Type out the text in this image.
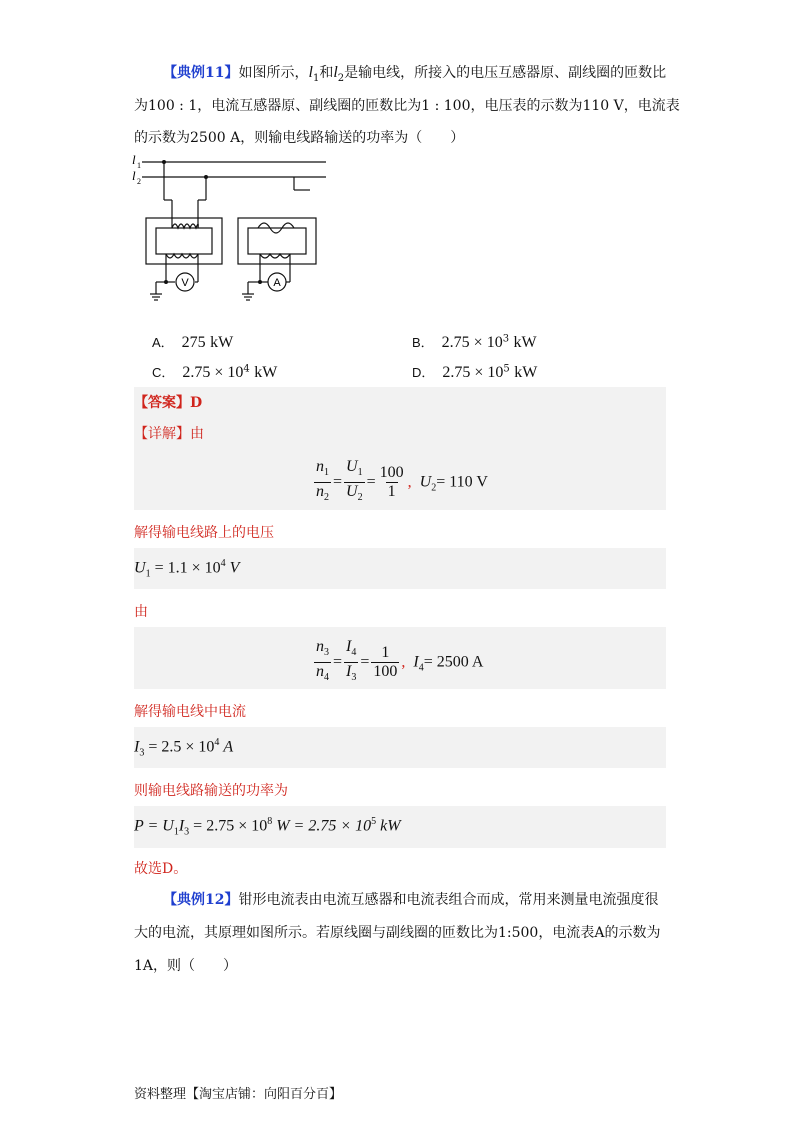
【典例11】如图所示，$l_1$和$l_2$是输电线，所接入的电压互感器原、副线圈的匝数比
为100 : 1，电流互感器原、副线圈的匝数比为1 : 100，电压表的示数为110 V，电流表
的示数为2500 A，则输电线路输送的功率为（　　）
V	A
l 1
l 2
A． 275 kW	B． $2.75 \times 10^3$ kW
C． $2.75 \times 10^4$ kW	D． $2.75 \times 10^5$ kW
【答案】D
【详解】由
$\frac{n_1}{n_2} = \frac{U_1}{U_2} = \frac{100}{1}$ , $U_2= 110$ V
解得输电线路上的电压
$U_1 = 1.1 \times 10^4$ V
由
$\frac{n_3}{n_4} = \frac{I_4}{I_3} = \frac{1}{100}$ , $I_4= 2500$ A
解得输电线中电流
$I_3 = 2.5 \times 10^4$ A
则输电线路输送的功率为
$P = U_1I_3 = 2.75 \times 10^8$ $W = 2.75 \times 10^5$ kW
故选D。
【典例12】钳形电流表由电流互感器和电流表组合而成，常用来测量电流强度很
大的电流，其原理如图所示。若原线圈与副线圈的匝数比为1:500，电流表A的示数为
1A，则（　　）
资料整理【淘宝店铺：向阳百分百】
